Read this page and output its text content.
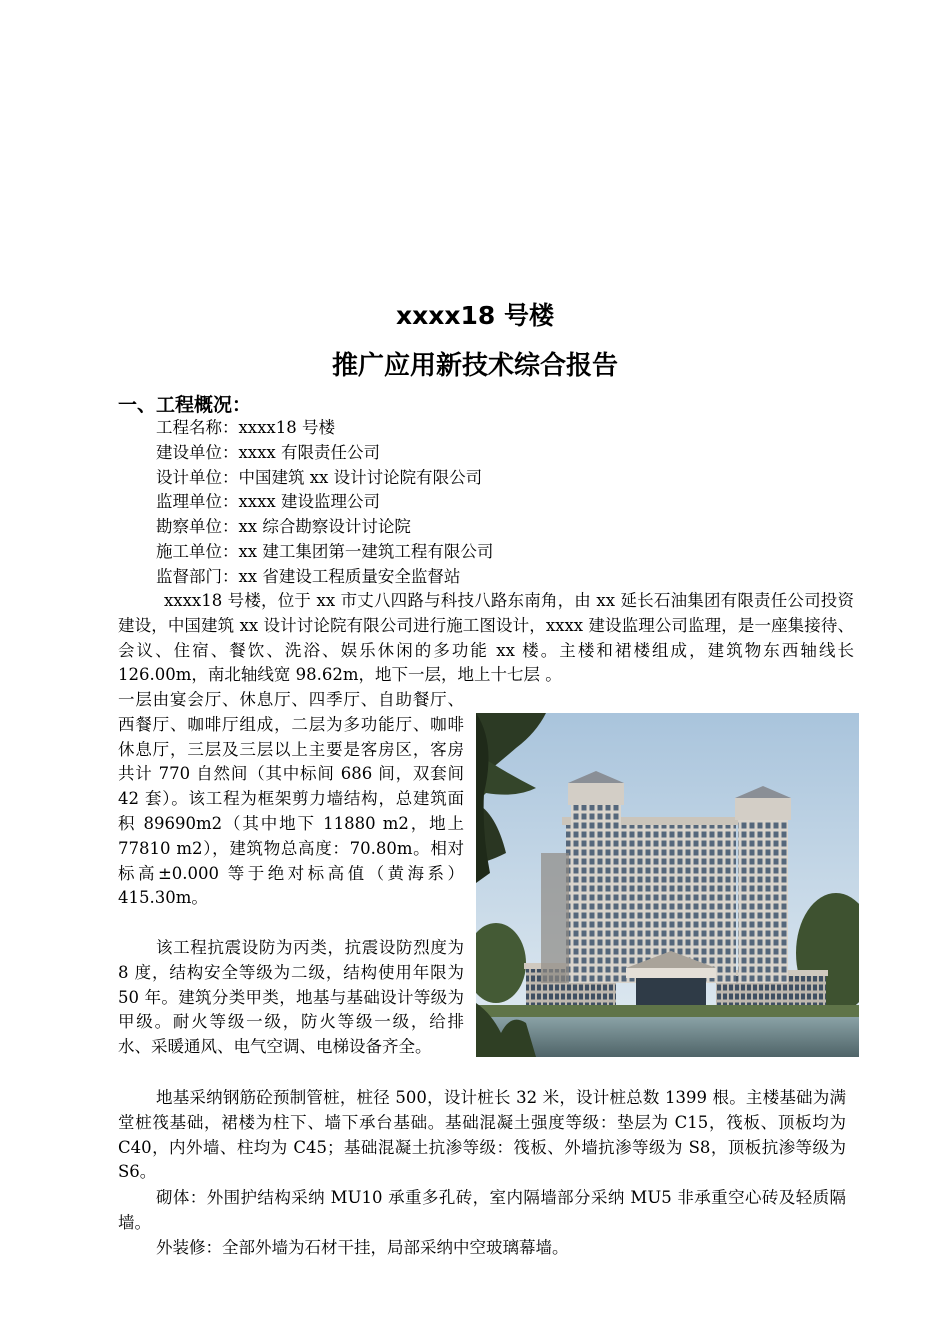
xxxx18 号楼
推广应用新技术综合报告
一、工程概况：
工程名称：xxxx18 号楼
建设单位：xxxx 有限责任公司
设计单位：中国建筑 xx 设计讨论院有限公司
监理单位：xxxx 建设监理公司
勘察单位：xx 综合勘察设计讨论院
施工单位：xx 建工集团第一建筑工程有限公司
监督部门：xx 省建设工程质量安全监督站

xxxx18 号楼，位于 xx 市丈八四路与科技八路东南角，由 xx 延长石油集团有限责任公司投资建设，中国建筑 xx 设计讨论院有限公司进行施工图设计，xxxx 建设监理公司监理，是一座集接待、会议、住宿、餐饮、洗浴、娱乐休闲的多功能 xx 楼。主楼和裙楼组成，建筑物东西轴线长 126.00m，南北轴线宽 98.62m，地下一层，地上十七层 。

一层由宴会厅、休息厅、四季厅、自助餐厅、西餐厅、咖啡厅组成，二层为多功能厅、咖啡休息厅，三层及三层以上主要是客房区，客房共计 770 自然间（其中标间 686 间，双套间 42 套）。该工程为框架剪力墙结构，总建筑面积 89690m2（其中地下 11880 m2，地上 77810 m2），建筑物总高度：70.80m。相对标高±0.000 等于绝对标高值（黄海系）415.30m。

该工程抗震设防为丙类，抗震设防烈度为 8 度，结构安全等级为二级，结构使用年限为 50 年。建筑分类甲类，地基与基础设计等级为甲级。耐火等级一级，防火等级一级，给排水、采暖通风、电气空调、电梯设备齐全。

地基采纳钢筋砼预制管桩，桩径 500，设计桩长 32 米，设计桩总数 1399 根。主楼基础为满堂桩筏基础，裙楼为柱下、墙下承台基础。基础混凝土强度等级：垫层为 C15，筏板、顶板均为 C40，内外墙、柱均为 C45；基础混凝土抗渗等级：筏板、外墙抗渗等级为 S8，顶板抗渗等级为 S6。

砌体：外围护结构采纳 MU10 承重多孔砖，室内隔墙部分采纳 MU5 非承重空心砖及轻质隔墙。

外装修：全部外墙为石材干挂，局部采纳中空玻璃幕墙。
